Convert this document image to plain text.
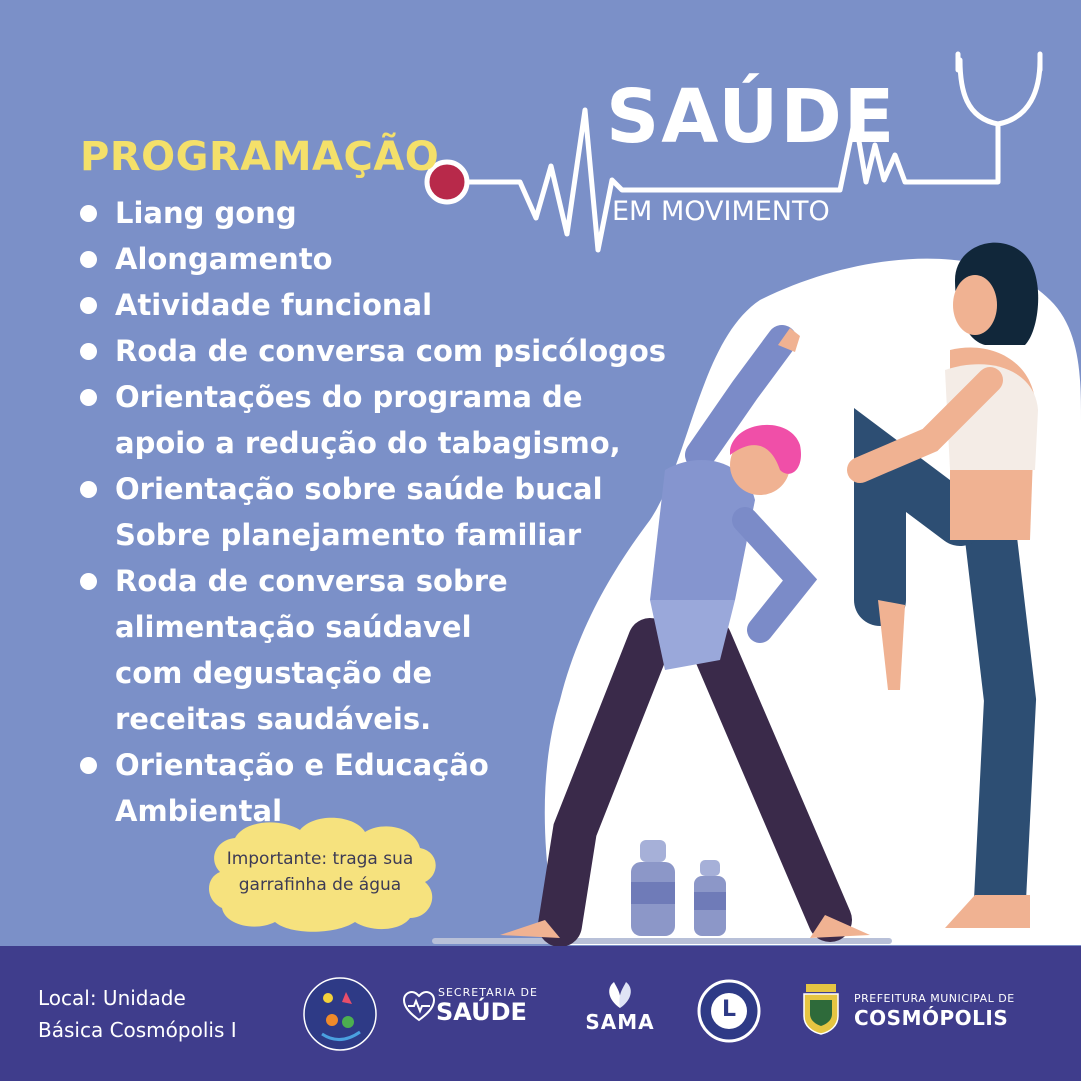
SAÚDE
EM MOVIMENTO
PROGRAMAÇÃO
Liang gong
Alongamento
Atividade funcional
Roda de conversa com psicólogos
Orientações do programa de
apoio a redução do tabagismo,
Orientação sobre saúde bucal
Sobre planejamento familiar
Roda de conversa sobre
alimentação saúdavel
com degustação de
receitas saudáveis.
Orientação e Educação
Ambiental
Importante: traga sua
garrafinha de água
Local: Unidade
Básica Cosmópolis I
SECRETARIA DE
SAÚDE	SAMA	L	PREFEITURA MUNICIPAL DE
COSMÓPOLIS
